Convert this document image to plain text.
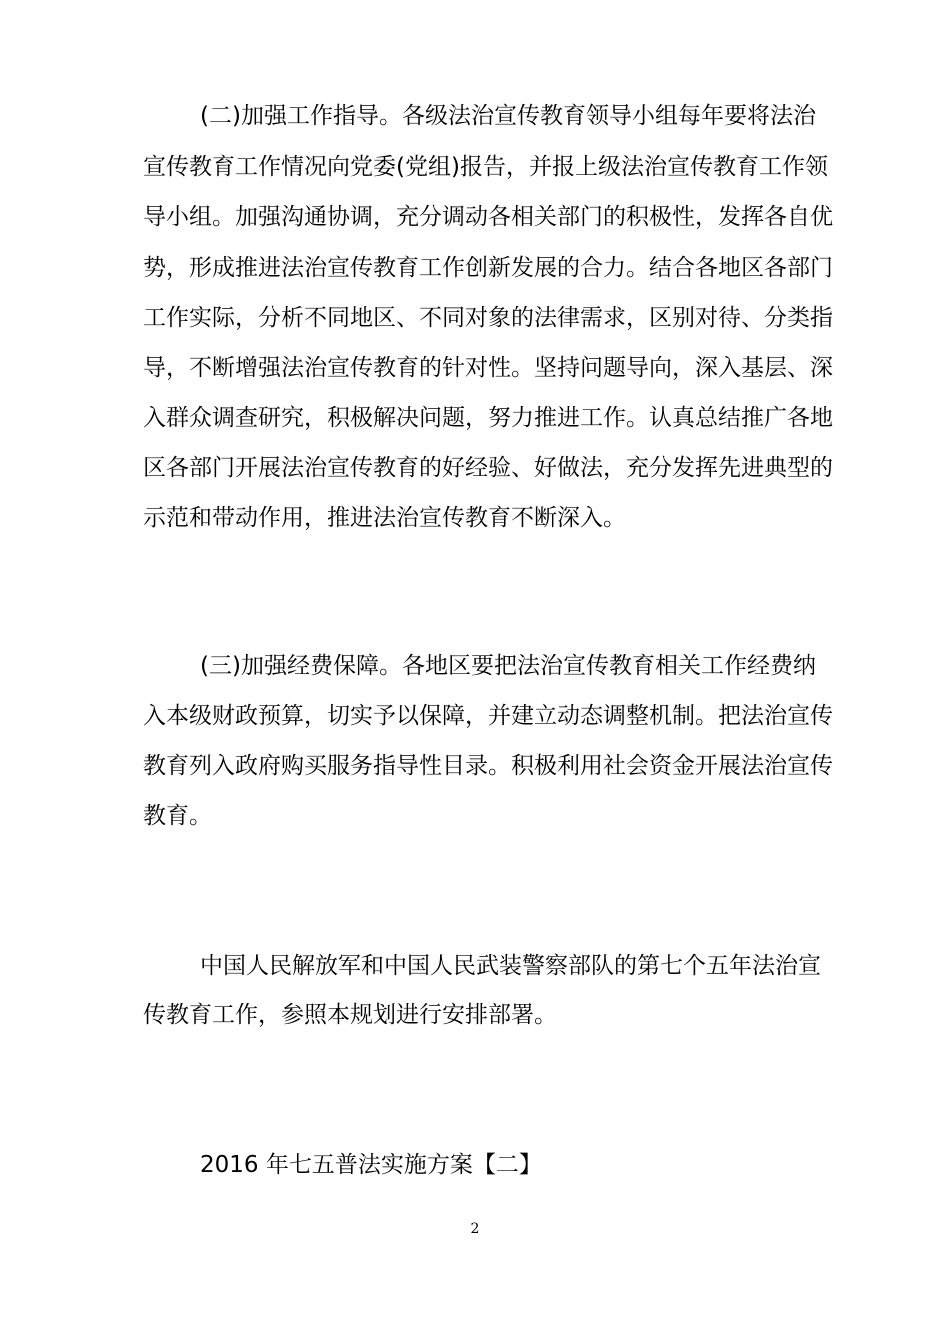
(二)加强工作指导。各级法治宣传教育领导小组每年要将法治
宣传教育工作情况向党委(党组)报告，并报上级法治宣传教育工作领
导小组。加强沟通协调，充分调动各相关部门的积极性，发挥各自优
势，形成推进法治宣传教育工作创新发展的合力。结合各地区各部门
工作实际，分析不同地区、不同对象的法律需求，区别对待、分类指
导，不断增强法治宣传教育的针对性。坚持问题导向，深入基层、深
入群众调查研究，积极解决问题，努力推进工作。认真总结推广各地
区各部门开展法治宣传教育的好经验、好做法，充分发挥先进典型的
示范和带动作用，推进法治宣传教育不断深入。
(三)加强经费保障。各地区要把法治宣传教育相关工作经费纳
入本级财政预算，切实予以保障，并建立动态调整机制。把法治宣传
教育列入政府购买服务指导性目录。积极利用社会资金开展法治宣传
教育。
中国人民解放军和中国人民武装警察部队的第七个五年法治宣
传教育工作，参照本规划进行安排部署。
2016 年七五普法实施方案【二】
2
